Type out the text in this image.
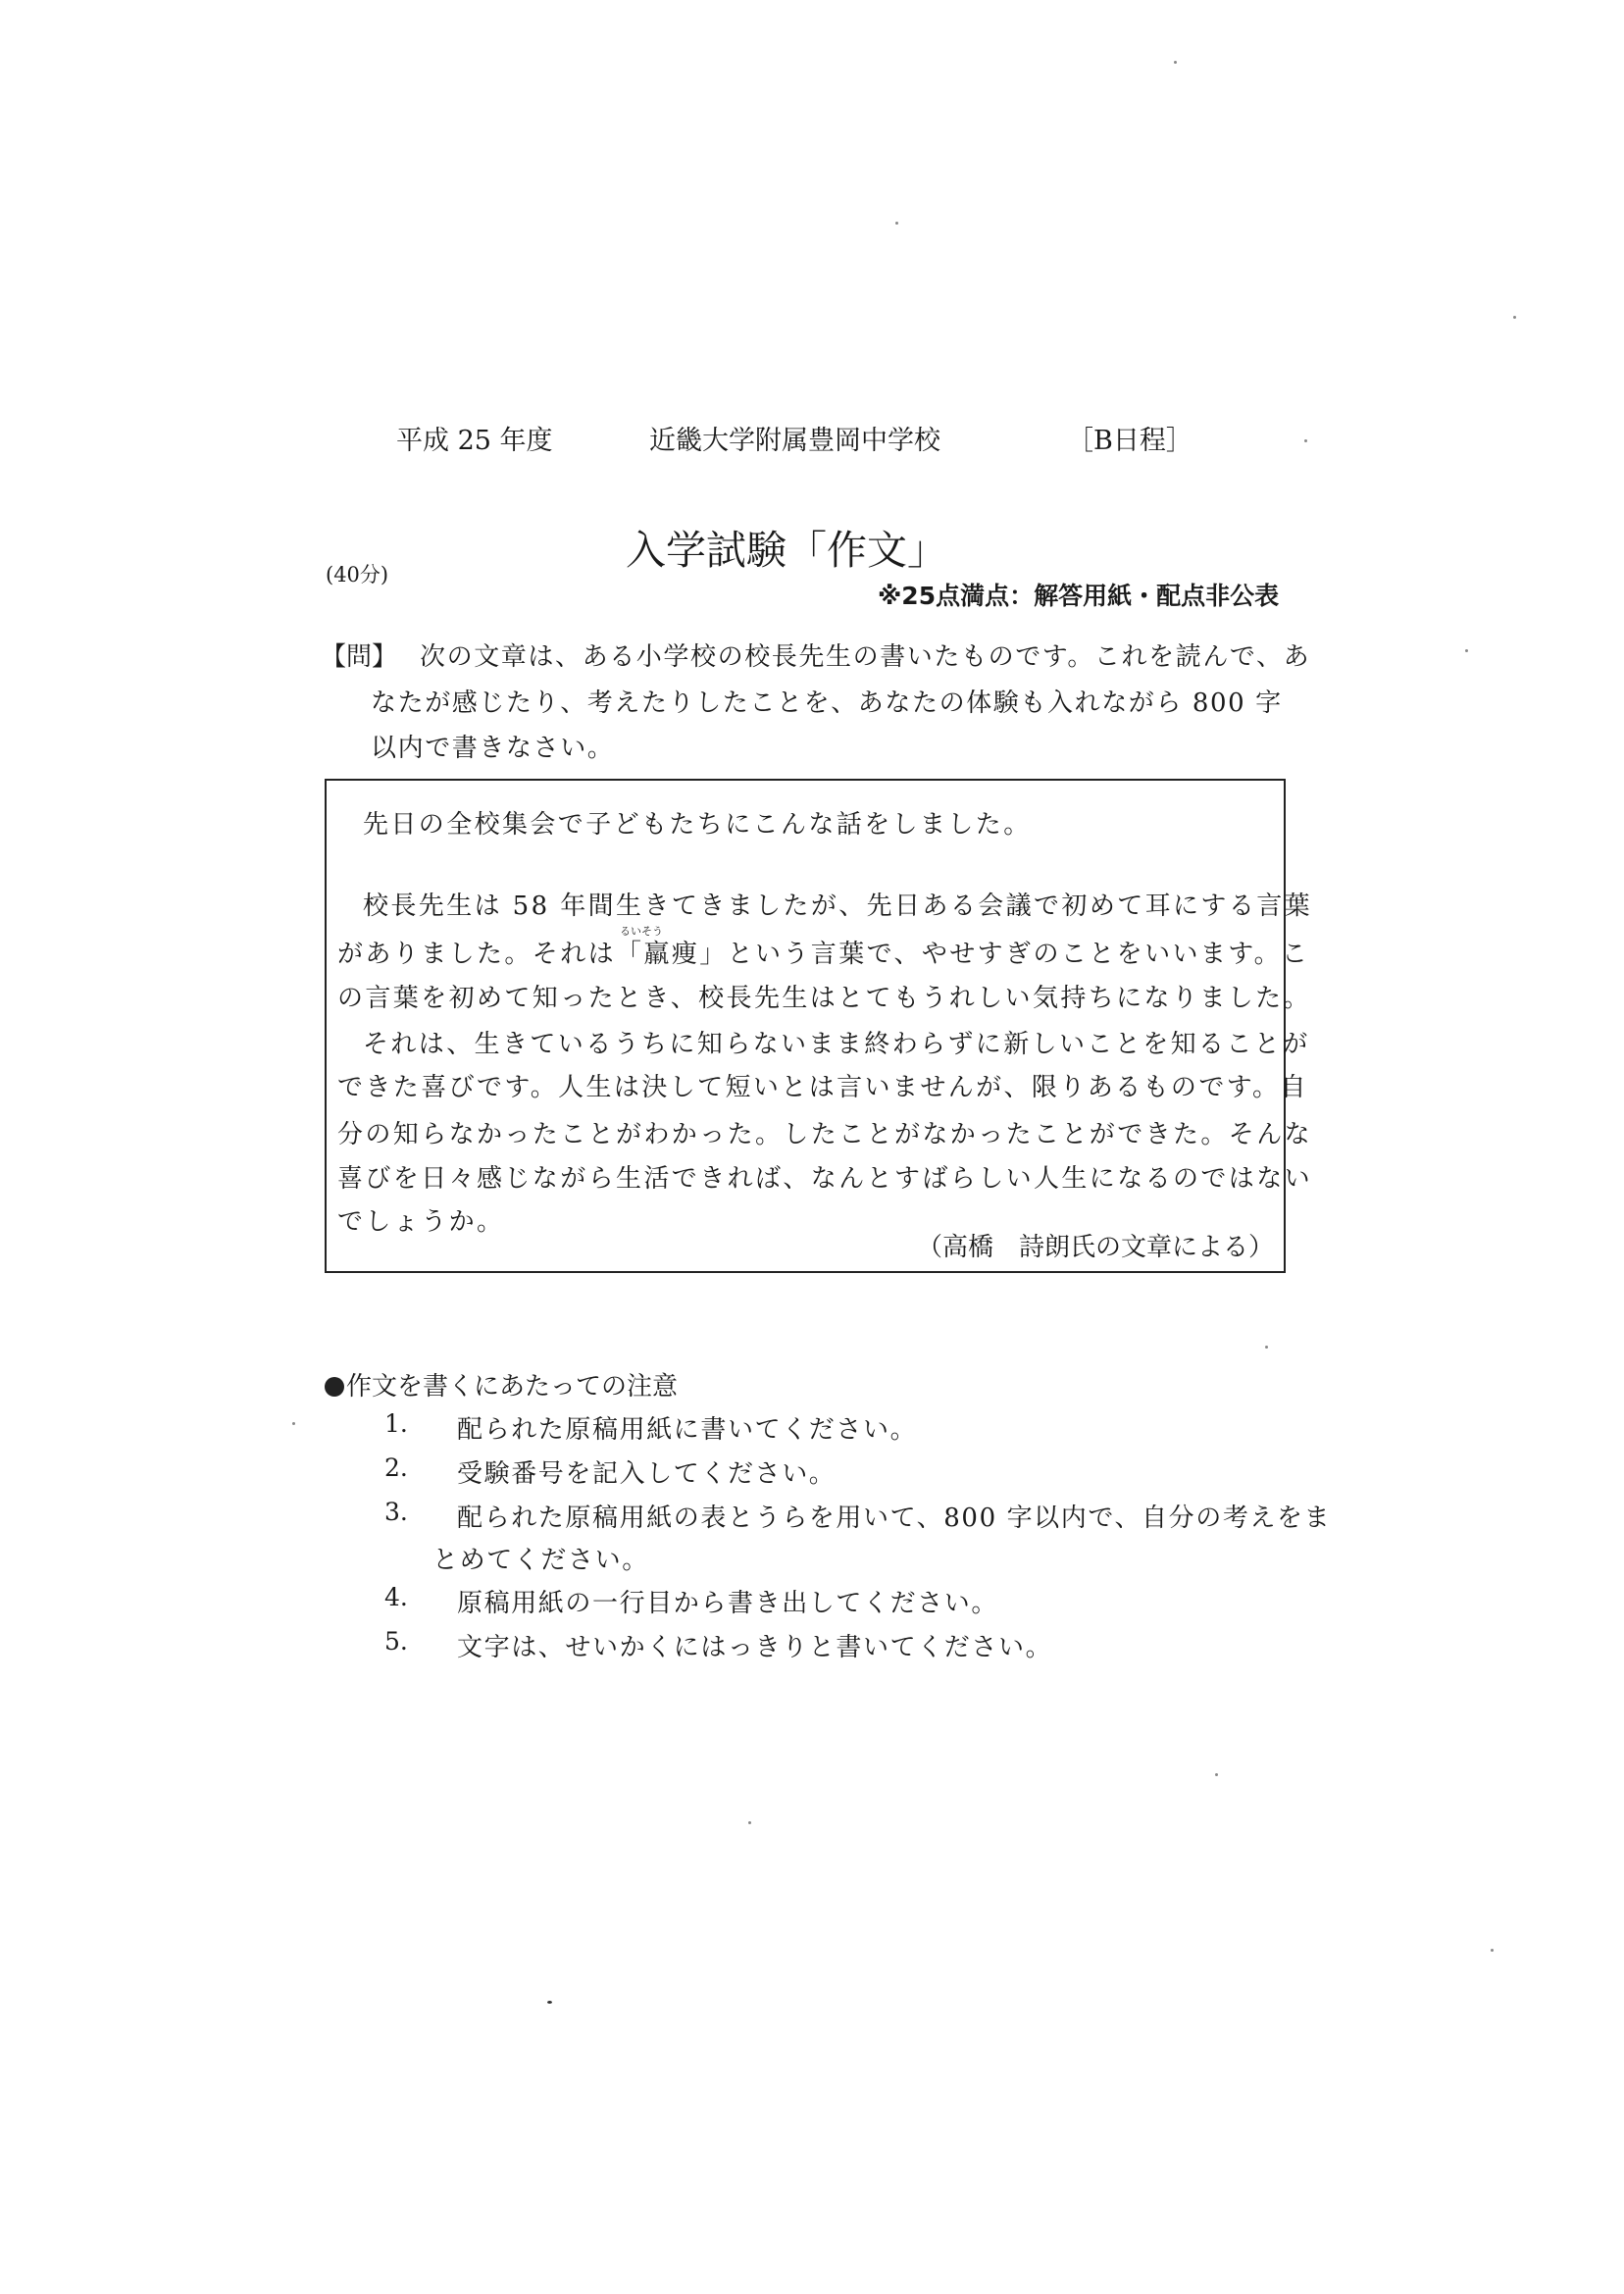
平成 25 年度	近畿大学附属豊岡中学校	［B日程］
入学試験「作文」
(40分)
※25点満点：解答用紙・配点非公表
【問】 次の文章は、ある小学校の校長先生の書いたものです。これを読んで、あ
なたが感じたり、考えたりしたことを、あなたの体験も入れながら 800 字
以内で書きなさい。
先日の全校集会で子どもたちにこんな話をしました。
校長先生は 58 年間生きてきましたが、先日ある会議で初めて耳にする言葉
るいそう
がありました。それは「羸痩」という言葉で、やせすぎのことをいいます。こ
の言葉を初めて知ったとき、校長先生はとてもうれしい気持ちになりました。
それは、生きているうちに知らないまま終わらずに新しいことを知ることが
できた喜びです。人生は決して短いとは言いませんが、限りあるものです。自
分の知らなかったことがわかった。したことがなかったことができた。そんな
喜びを日々感じながら生活できれば、なんとすばらしい人生になるのではない
でしょうか。
（高橋　詩朗氏の文章による）
作文を書くにあたっての注意
1. 配られた原稿用紙に書いてください。
2. 受験番号を記入してください。
3. 配られた原稿用紙の表とうらを用いて、800 字以内で、自分の考えをま
とめてください。
4. 原稿用紙の一行目から書き出してください。
5. 文字は、せいかくにはっきりと書いてください。
